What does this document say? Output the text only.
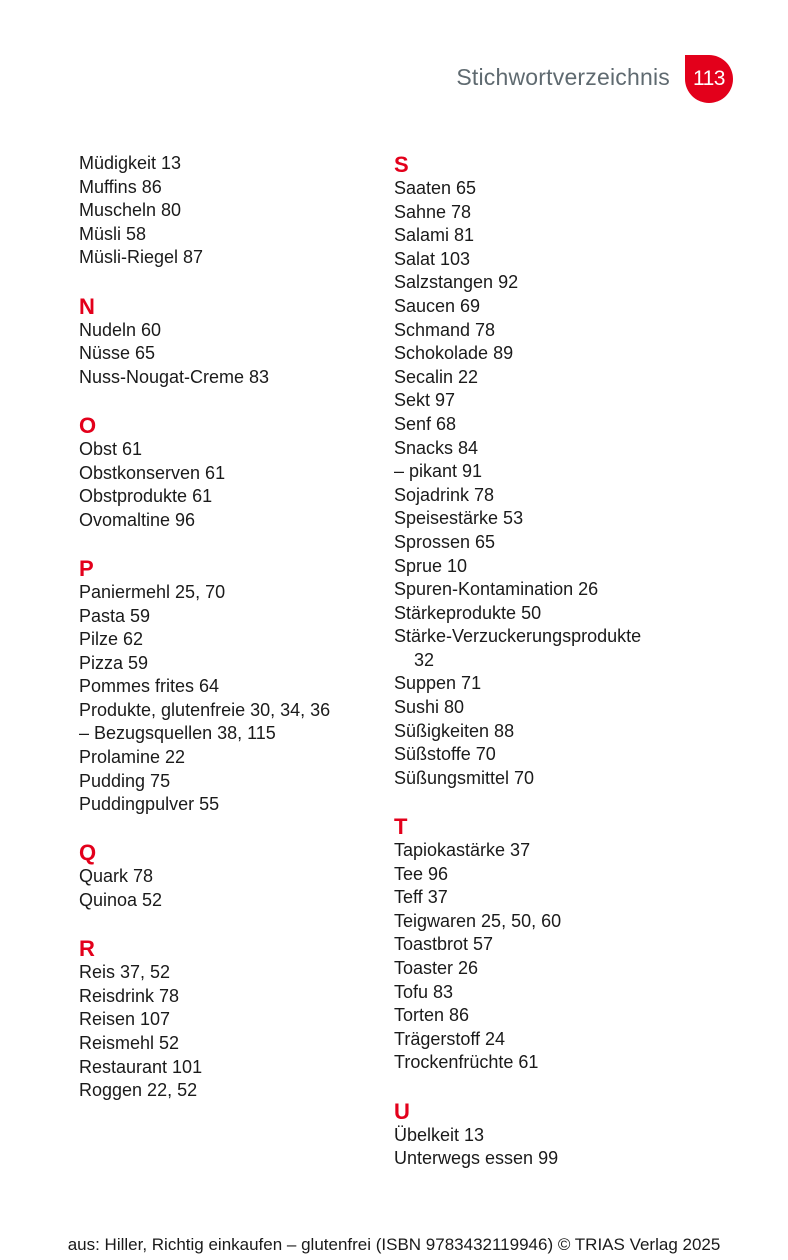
Stichwortverzeichnis	113
Müdigkeit 13
Muffins 86
Muscheln 80
Müsli 58
Müsli-Riegel 87
N
Nudeln 60
Nüsse 65
Nuss-Nougat-Creme 83
O
Obst 61
Obstkonserven 61
Obstprodukte 61
Ovomaltine 96
P
Paniermehl 25, 70
Pasta 59
Pilze 62
Pizza 59
Pommes frites 64
Produkte, glutenfreie 30, 34, 36
– Bezugsquellen 38, 115
Prolamine 22
Pudding 75
Puddingpulver 55
Q
Quark 78
Quinoa 52
R
Reis 37, 52
Reisdrink 78
Reisen 107
Reismehl 52
Restaurant 101
Roggen 22, 52
S
Saaten 65
Sahne 78
Salami 81
Salat 103
Salzstangen 92
Saucen 69
Schmand 78
Schokolade 89
Secalin 22
Sekt 97
Senf 68
Snacks 84
– pikant 91
Sojadrink 78
Speisestärke 53
Sprossen 65
Sprue 10
Spuren-Kontamination 26
Stärkeprodukte 50
Stärke-Verzuckerungsprodukte
32
Suppen 71
Sushi 80
Süßigkeiten 88
Süßstoffe 70
Süßungsmittel 70
T
Tapiokastärke 37
Tee 96
Teff 37
Teigwaren 25, 50, 60
Toastbrot 57
Toaster 26
Tofu 83
Torten 86
Trägerstoff 24
Trockenfrüchte 61
U
Übelkeit 13
Unterwegs essen 99
aus: Hiller, Richtig einkaufen – glutenfrei (ISBN 9783432119946) © TRIAS Verlag 2025
